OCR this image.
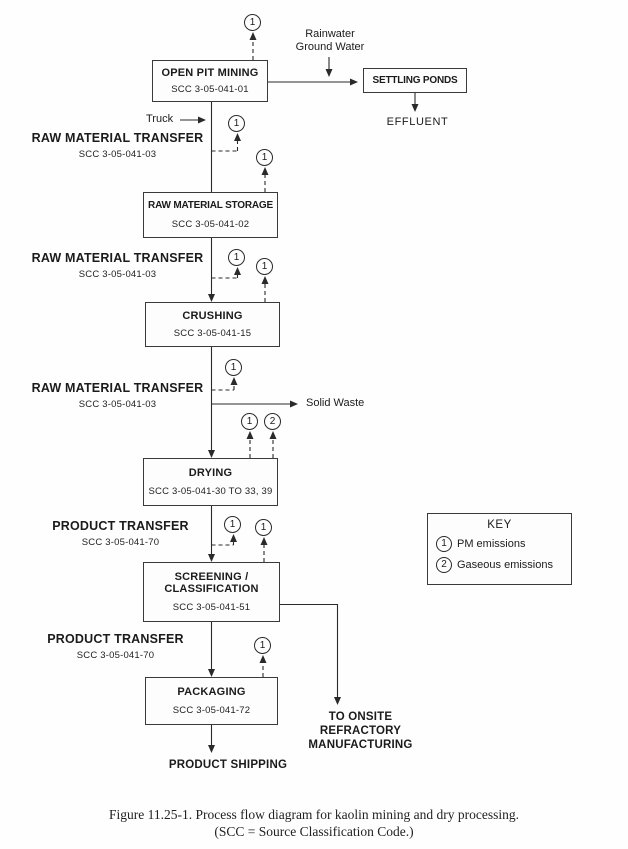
OPEN PIT MINING
SCC 3-05-041-01
SETTLING PONDS
RAW MATERIAL STORAGE
SCC 3-05-041-02
CRUSHING
SCC 3-05-041-15
DRYING
SCC 3-05-041-30 TO 33, 39
SCREENING /
CLASSIFICATION
SCC 3-05-041-51
PACKAGING
SCC 3-05-041-72
RAW MATERIAL TRANSFER
SCC 3-05-041-03
RAW MATERIAL TRANSFER
SCC 3-05-041-03
RAW MATERIAL TRANSFER
SCC 3-05-041-03
PRODUCT TRANSFER
SCC 3-05-041-70
PRODUCT TRANSFER
SCC 3-05-041-70
Truck
Rainwater
Ground Water
EFFLUENT
Solid Waste
PRODUCT SHIPPING
TO ONSITE
REFRACTORY
MANUFACTURING
1
1
1
1
1
1
1	2
1	1
1
KEY
1 PM emissions
2 Gaseous emissions
Figure 11.25-1. Process flow diagram for kaolin mining and dry processing.
(SCC = Source Classification Code.)
